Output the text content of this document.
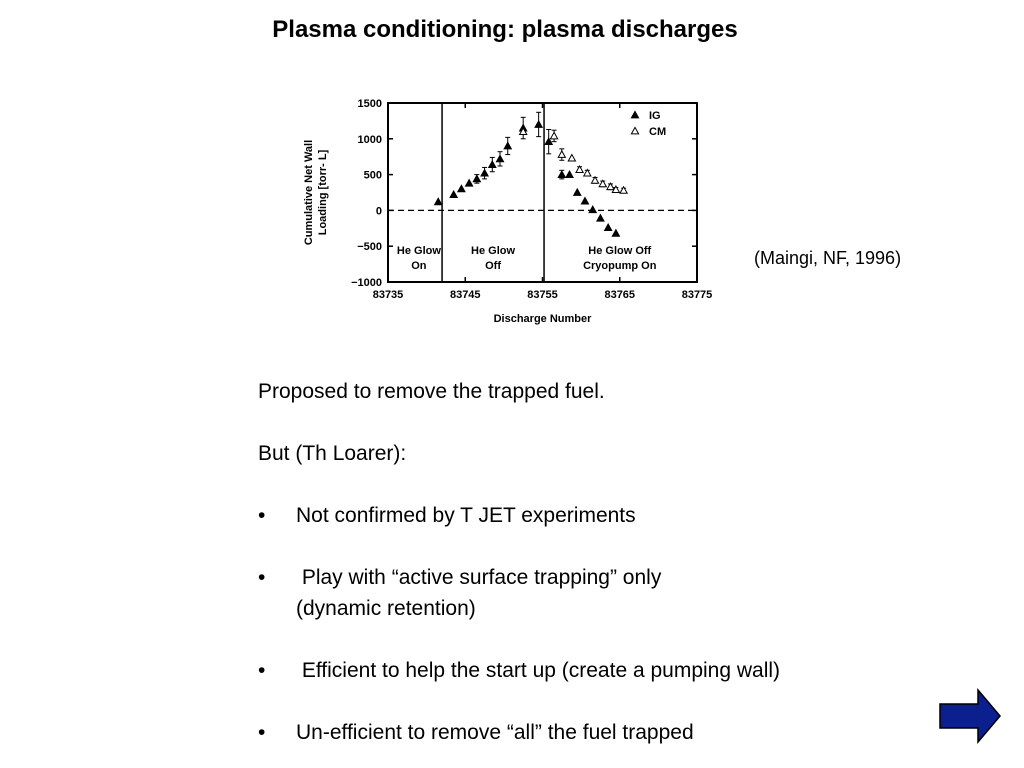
Plasma conditioning: plasma discharges
1500
1000
500
0
−500
−1000
83735	83745	83755	83765	83775
He Glow
On
He Glow
Off
He Glow Off
Cryopump On
Discharge Number
Cumulative Net Wall Loading [torr- L]
IG
CM
(Maingi, NF, 1996)
Proposed to remove the trapped fuel.
But (Th Loarer):
•	Not confirmed by T JET experiments
•	Play with “active surface trapping” only
(dynamic retention)
•	Efficient to help the start up (create a pumping wall)
•	Un-efficient to remove “all” the fuel trapped
